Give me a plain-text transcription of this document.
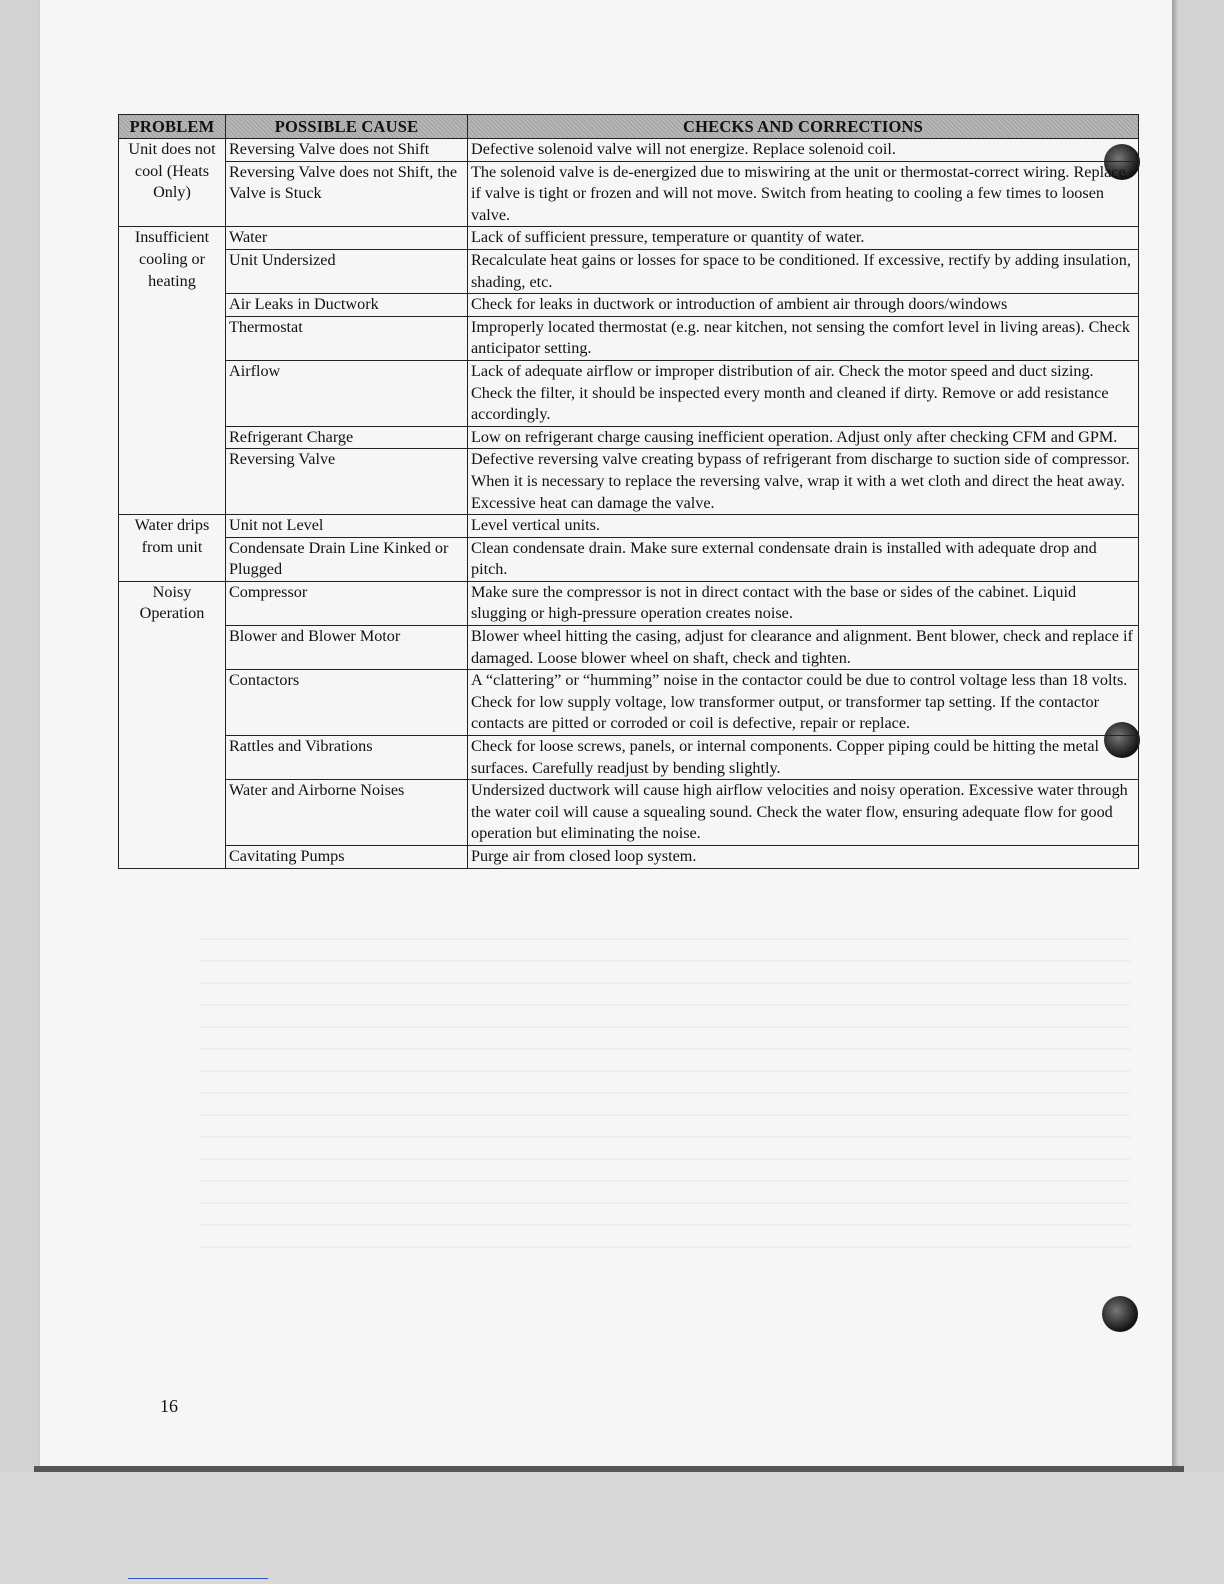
PROBLEM	POSSIBLE CAUSE	CHECKS AND CORRECTIONS
Unit does not cool (Heats Only)	Reversing Valve does not Shift	Defective solenoid valve will not energize. Replace solenoid coil.
	Reversing Valve does not Shift, the Valve is Stuck	The solenoid valve is de-energized due to miswiring at the unit or thermostat-correct wiring. Replace if valve is tight or frozen and will not move. Switch from heating to cooling a few times to loosen valve.
Insufficient cooling or heating	Water	Lack of sufficient pressure, temperature or quantity of water.
	Unit Undersized	Recalculate heat gains or losses for space to be conditioned. If excessive, rectify by adding insulation, shading, etc.
	Air Leaks in Ductwork	Check for leaks in ductwork or introduction of ambient air through doors/windows
	Thermostat	Improperly located thermostat (e.g. near kitchen, not sensing the comfort level in living areas). Check anticipator setting.
	Airflow	Lack of adequate airflow or improper distribution of air. Check the motor speed and duct sizing. Check the filter, it should be inspected every month and cleaned if dirty. Remove or add resistance accordingly.
	Refrigerant Charge	Low on refrigerant charge causing inefficient operation. Adjust only after checking CFM and GPM.
	Reversing Valve	Defective reversing valve creating bypass of refrigerant from discharge to suction side of compressor. When it is necessary to replace the reversing valve, wrap it with a wet cloth and direct the heat away. Excessive heat can damage the valve.
Water drips from unit	Unit not Level	Level vertical units.
	Condensate Drain Line Kinked or Plugged	Clean condensate drain. Make sure external condensate drain is installed with adequate drop and pitch.
Noisy Operation	Compressor	Make sure the compressor is not in direct contact with the base or sides of the cabinet. Liquid slugging or high-pressure operation creates noise.
	Blower and Blower Motor	Blower wheel hitting the casing, adjust for clearance and alignment. Bent blower, check and replace if damaged. Loose blower wheel on shaft, check and tighten.
	Contactors	A “clattering” or “humming” noise in the contactor could be due to control voltage less than 18 volts. Check for low supply voltage, low transformer output, or transformer tap setting. If the contactor contacts are pitted or corroded or coil is defective, repair or replace.
	Rattles and Vibrations	Check for loose screws, panels, or internal components. Copper piping could be hitting the metal surfaces. Carefully readjust by bending slightly.
	Water and Airborne Noises	Undersized ductwork will cause high airflow velocities and noisy operation. Excessive water through the water coil will cause a squealing sound. Check the water flow, ensuring adequate flow for good operation but eliminating the noise.
	Cavitating Pumps	Purge air from closed loop system.
16
